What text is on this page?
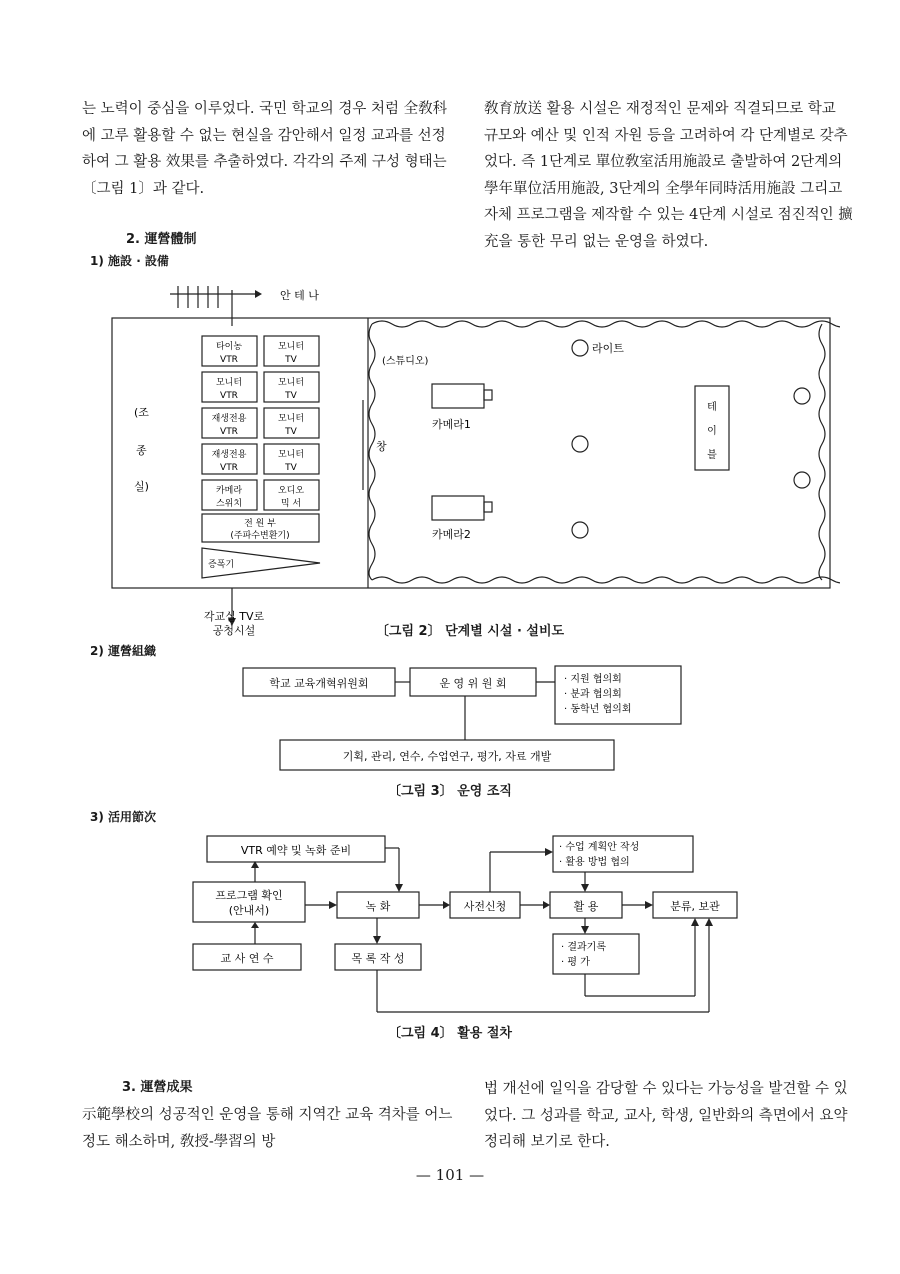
는 노력이 중심을 이루었다. 국민 학교의 경우 처럼 全敎科에 고루 활용할 수 없는 현실을 감안해서 일정 교과를 선정하여 그 활용 效果를 추출하였다. 각각의 주제 구성 형태는 〔그림 1〕과 같다.

敎育放送 활용 시설은 재정적인 문제와 직결되므로 학교 규모와 예산 및 인적 자원 등을 고려하여 각 단계별로 갖추었다. 즉 1단계로 單位敎室活用施設로 출발하여 2단계의 學年單位活用施設, 3단계의 全學年同時活用施設 그리고 자체 프로그램을 제작할 수 있는 4단계 시설로 점진적인 擴充을 통한 무리 없는 운영을 하였다.

2. 運營體制
1) 施設 · 設備
안 테 나
(조
종
실)
타이농
VTR
모니터
TV
모니터
VTR
모니터
TV
재생전용
VTR
모니터
TV
재생전용
VTR
모니터
TV
카메라
스위치
오디오
믹 서
전 원 부
(주파수변환기)
증폭기
(스튜디오)
라이트
창
카메라1
카메라2
테
이
블
각교실 TV로
공청시설	〔그림 2〕 단계별 시설 · 설비도
2) 運營組織
학교 교육개혁위원회	운 영 위 원 회	· 지원 협의회
· 분과 협의회
· 동학년 협의회
기획, 관리, 연수, 수업연구, 평가, 자료 개발
〔그림 3〕 운영 조직
3) 活用節次
VTR 예약 및 녹화 준비
프로그램 확인
(안내서)
교 사 연 수
녹 화
목 록 작 성
사전신청
· 수업 계획안 작성
· 활용 방법 협의
활 용
· 결과기록
· 평 가
분류, 보관
〔그림 4〕 활용 절차
3. 運營成果

示範學校의 성공적인 운영을 통해 지역간 교육 격차를 어느 정도 해소하며, 敎授-學習의 방

법 개선에 일익을 감당할 수 있다는 가능성을 발견할 수 있었다. 그 성과를 학교, 교사, 학생, 일반화의 측면에서 요약 정리해 보기로 한다.

— 101 —
